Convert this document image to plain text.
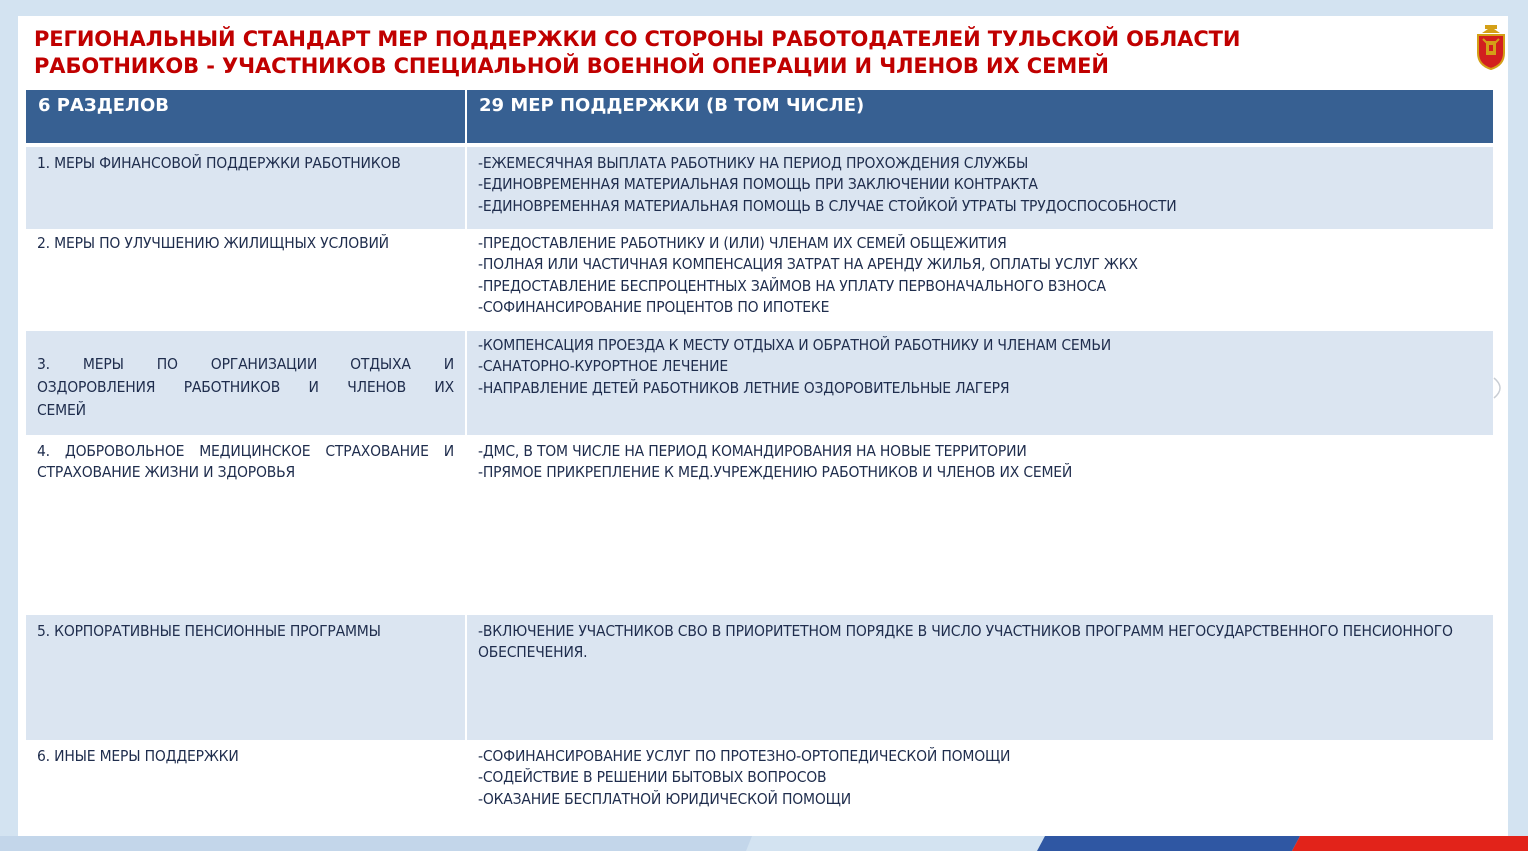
РЕГИОНАЛЬНЫЙ СТАНДАРТ МЕР ПОДДЕРЖКИ СО СТОРОНЫ РАБОТОДАТЕЛЕЙ ТУЛЬСКОЙ ОБЛАСТИ
РАБОТНИКОВ - УЧАСТНИКОВ СПЕЦИАЛЬНОЙ ВОЕННОЙ ОПЕРАЦИИ И ЧЛЕНОВ ИХ СЕМЕЙ
6 РАЗДЕЛОВ	29 МЕР ПОДДЕРЖКИ (В ТОМ ЧИСЛЕ)

1. МЕРЫ ФИНАНСОВОЙ ПОДДЕРЖКИ РАБОТНИКОВ	-ЕЖЕМЕСЯЧНАЯ ВЫПЛАТА РАБОТНИКУ НА ПЕРИОД ПРОХОЖДЕНИЯ СЛУЖБЫ
-ЕДИНОВРЕМЕННАЯ МАТЕРИАЛЬНАЯ ПОМОЩЬ ПРИ ЗАКЛЮЧЕНИИ КОНТРАКТА
-ЕДИНОВРЕМЕННАЯ МАТЕРИАЛЬНАЯ ПОМОЩЬ В СЛУЧАЕ СТОЙКОЙ УТРАТЫ ТРУДОСПОСОБНОСТИ

2. МЕРЫ ПО УЛУЧШЕНИЮ ЖИЛИЩНЫХ УСЛОВИЙ	-ПРЕДОСТАВЛЕНИЕ РАБОТНИКУ И (ИЛИ) ЧЛЕНАМ ИХ СЕМЕЙ ОБЩЕЖИТИЯ
-ПОЛНАЯ ИЛИ ЧАСТИЧНАЯ КОМПЕНСАЦИЯ ЗАТРАТ НА АРЕНДУ ЖИЛЬЯ, ОПЛАТЫ УСЛУГ ЖКХ
-ПРЕДОСТАВЛЕНИЕ БЕСПРОЦЕНТНЫХ ЗАЙМОВ НА УПЛАТУ ПЕРВОНАЧАЛЬНОГО ВЗНОСА
-СОФИНАНСИРОВАНИЕ ПРОЦЕНТОВ ПО ИПОТЕКЕ

3. МЕРЫ ПО ОРГАНИЗАЦИИ ОТДЫХА И ОЗДОРОВЛЕНИЯ РАБОТНИКОВ И ЧЛЕНОВ ИХ СЕМЕЙ	-КОМПЕНСАЦИЯ ПРОЕЗДА К МЕСТУ ОТДЫХА И ОБРАТНОЙ РАБОТНИКУ И ЧЛЕНАМ СЕМЬИ
-САНАТОРНО-КУРОРТНОЕ ЛЕЧЕНИЕ
-НАПРАВЛЕНИЕ ДЕТЕЙ РАБОТНИКОВ ЛЕТНИЕ ОЗДОРОВИТЕЛЬНЫЕ ЛАГЕРЯ

4. ДОБРОВОЛЬНОЕ МЕДИЦИНСКОЕ СТРАХОВАНИЕ И СТРАХОВАНИЕ ЖИЗНИ И ЗДОРОВЬЯ	-ДМС, В ТОМ ЧИСЛЕ НА ПЕРИОД КОМАНДИРОВАНИЯ НА НОВЫЕ ТЕРРИТОРИИ
-ПРЯМОЕ ПРИКРЕПЛЕНИЕ К МЕД.УЧРЕЖДЕНИЮ РАБОТНИКОВ И ЧЛЕНОВ ИХ СЕМЕЙ

5. КОРПОРАТИВНЫЕ ПЕНСИОННЫЕ ПРОГРАММЫ	-ВКЛЮЧЕНИЕ УЧАСТНИКОВ СВО В ПРИОРИТЕТНОМ ПОРЯДКЕ В ЧИСЛО УЧАСТНИКОВ ПРОГРАММ НЕГОСУДАРСТВЕННОГО ПЕНСИОННОГО ОБЕСПЕЧЕНИЯ.

6. ИНЫЕ МЕРЫ ПОДДЕРЖКИ	-СОФИНАНСИРОВАНИЕ УСЛУГ ПО ПРОТЕЗНО-ОРТОПЕДИЧЕСКОЙ ПОМОЩИ
-СОДЕЙСТВИЕ В РЕШЕНИИ БЫТОВЫХ ВОПРОСОВ
-ОКАЗАНИЕ БЕСПЛАТНОЙ ЮРИДИЧЕСКОЙ ПОМОЩИ
